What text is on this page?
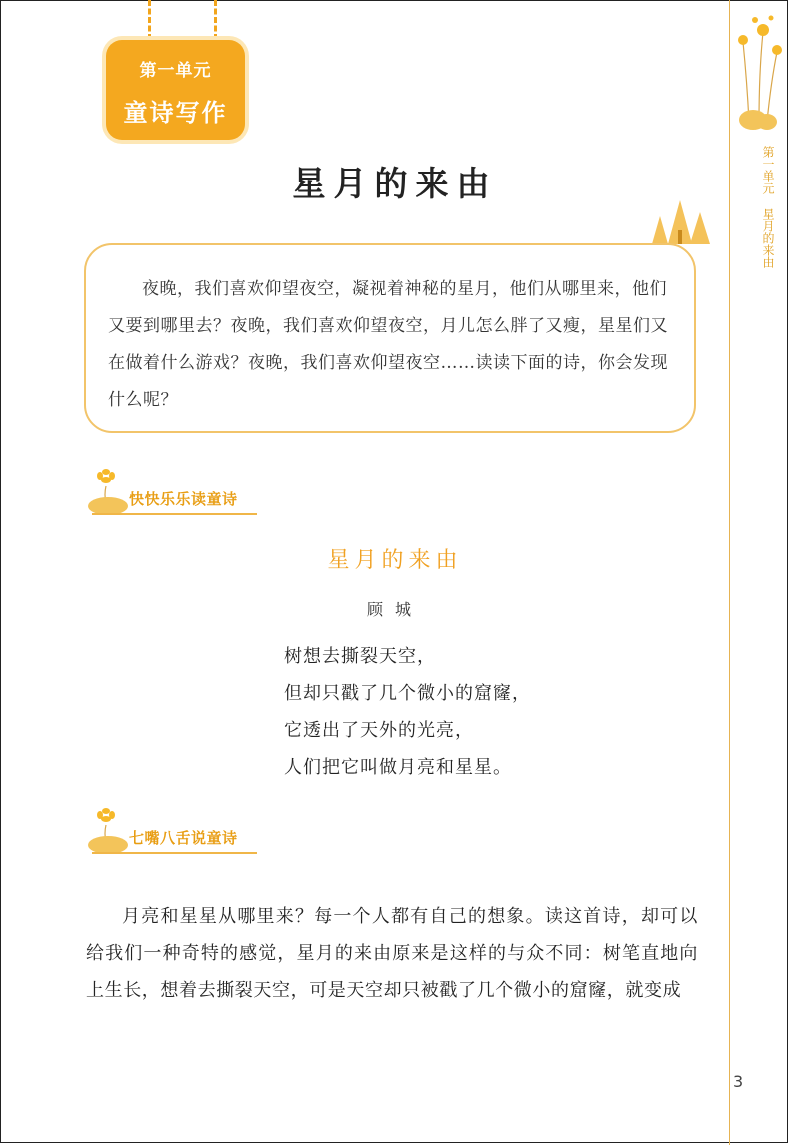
第一单元
童诗写作
第一单元星月的来由
星月的来由
夜晚，我们喜欢仰望夜空，凝视着神秘的星月，他们从哪里来，他们又要到哪里去？夜晚，我们喜欢仰望夜空，月儿怎么胖了又瘦，星星们又在做着什么游戏？夜晚，我们喜欢仰望夜空……读读下面的诗，你会发现什么呢？
快快乐乐读童诗
星月的来由
顾城
树想去撕裂天空，
但却只戳了几个微小的窟窿，
它透出了天外的光亮，
人们把它叫做月亮和星星。
七嘴八舌说童诗
月亮和星星从哪里来？每一个人都有自己的想象。读这首诗，却可以给我们一种奇特的感觉，星月的来由原来是这样的与众不同：树笔直地向上生长，想着去撕裂天空，可是天空却只被戳了几个微小的窟窿，就变成
3
